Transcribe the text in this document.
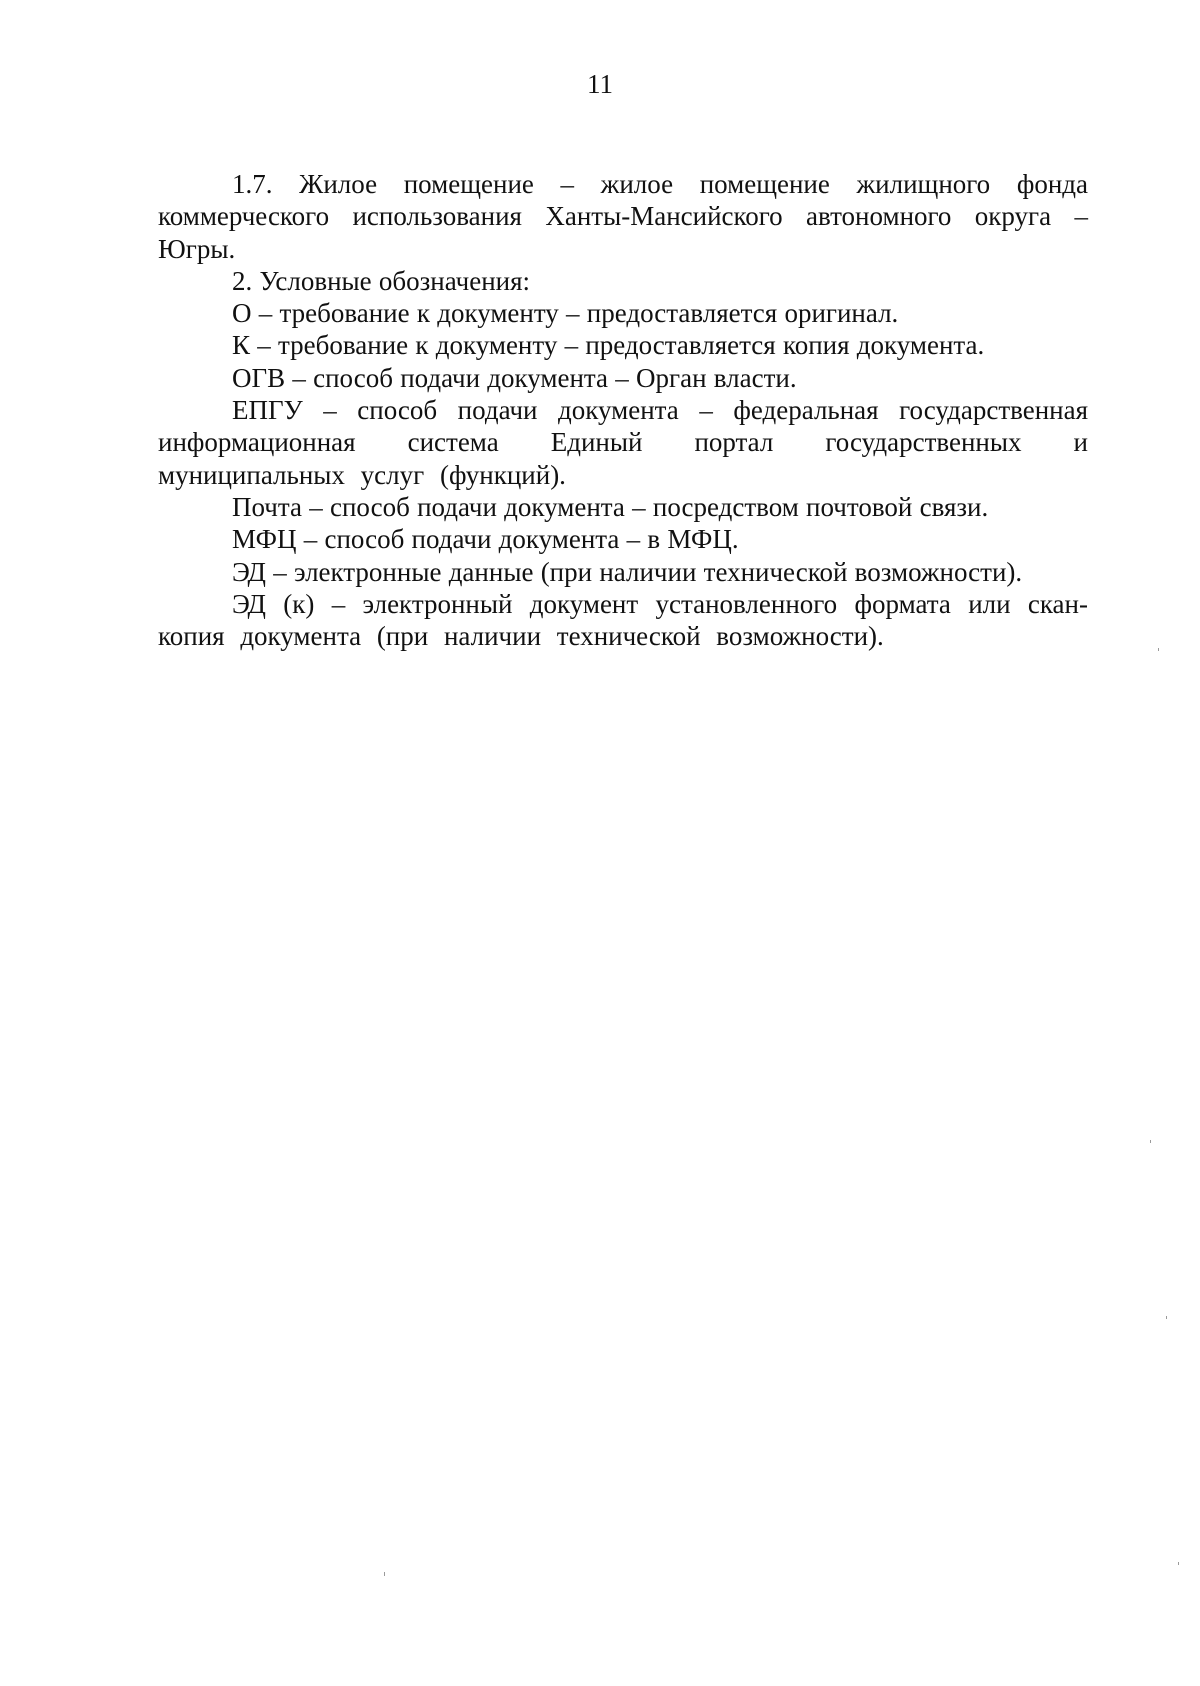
11

1.7. Жилое помещение – жилое помещение жилищного фонда коммерческого использования Ханты-Мансийского автономного округа – Югры.

2. Условные обозначения:

О – требование к документу – предоставляется оригинал.

К – требование к документу – предоставляется копия документа.

ОГВ – способ подачи документа – Орган власти.

ЕПГУ – способ подачи документа – федеральная государственная информационная система Единый портал государственных и муниципальных услуг (функций).

Почта – способ подачи документа – посредством почтовой связи.

МФЦ – способ подачи документа – в МФЦ.

ЭД – электронные данные (при наличии технической возможности).

ЭД (к) – электронный документ установленного формата или скан-копия документа (при наличии технической возможности).
